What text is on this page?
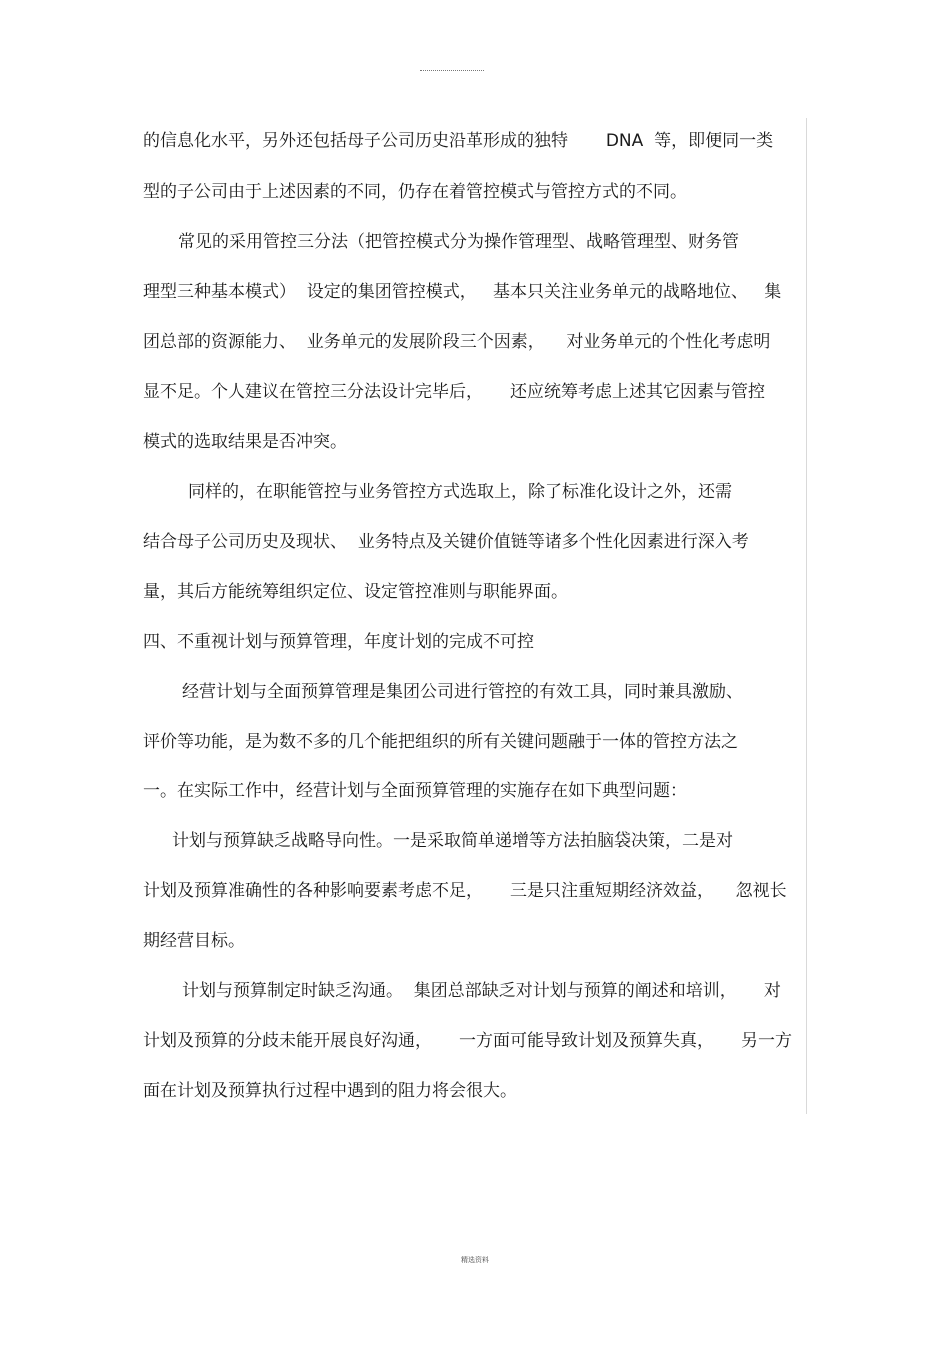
的信息化水平，另外还包括母子公司历史沿革形成的独特       DNA  等，即便同一类
型的子公司由于上述因素的不同，仍存在着管控模式与管控方式的不同。
常见的采用管控三分法（把管控模式分为操作管理型、战略管理型、财务管
理型三种基本模式）  设定的集团管控模式，   基本只关注业务单元的战略地位、   集
团总部的资源能力、  业务单元的发展阶段三个因素，    对业务单元的个性化考虑明
显不足。个人建议在管控三分法设计完毕后，     还应统筹考虑上述其它因素与管控
模式的选取结果是否冲突。
同样的，在职能管控与业务管控方式选取上，除了标准化设计之外，还需
结合母子公司历史及现状、  业务特点及关键价值链等诸多个性化因素进行深入考
量，其后方能统筹组织定位、设定管控准则与职能界面。
四、不重视计划与预算管理，年度计划的完成不可控
经营计划与全面预算管理是集团公司进行管控的有效工具，同时兼具激励、
评价等功能，是为数不多的几个能把组织的所有关键问题融于一体的管控方法之
一。在实际工作中，经营计划与全面预算管理的实施存在如下典型问题：
计划与预算缺乏战略导向性。一是采取简单递增等方法拍脑袋决策，二是对
计划及预算准确性的各种影响要素考虑不足，     三是只注重短期经济效益，    忽视长
期经营目标。
计划与预算制定时缺乏沟通。  集团总部缺乏对计划与预算的阐述和培训，     对
计划及预算的分歧未能开展良好沟通，     一方面可能导致计划及预算失真，     另一方
面在计划及预算执行过程中遇到的阻力将会很大。
精选资料
